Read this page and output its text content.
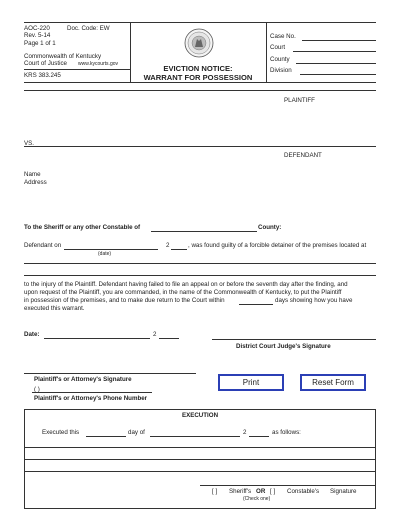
AOC-220	Doc. Code: EW
Rev. 5-14
Page 1 of 1
Commonwealth of Kentucky
Court of Justice www.kycourts.gov
KRS 383.245
EVICTION NOTICE:
WARRANT FOR POSSESSION
Case No.
Court
County
Division
PLAINTIFF
VS.
DEFENDANT
Name
Address
To the Sheriff or any other Constable of	County:
Defendant on
(date)
2	, was found guilty of a forcible detainer of the premises located at
to the injury of the Plaintiff. Defendant having failed to file an appeal on or before the seventh day after the finding, and
upon request of the Plaintiff, you are commanded, in the name of the Commonwealth of Kentucky, to put the Plaintiff
in possession of the premises, and to make due return to the Court within	days showing how you have
executed this warrant.
Date:	2
District Court Judge's Signature
Plaintiff's or Attorney's Signature
( )
Plaintiff's or Attorney's Phone Number
Print	Reset Form
EXECUTION
Executed this	day of	2	as follows:
[ ] Sheriff's OR [ ] Constable's Signature
(Check one)
